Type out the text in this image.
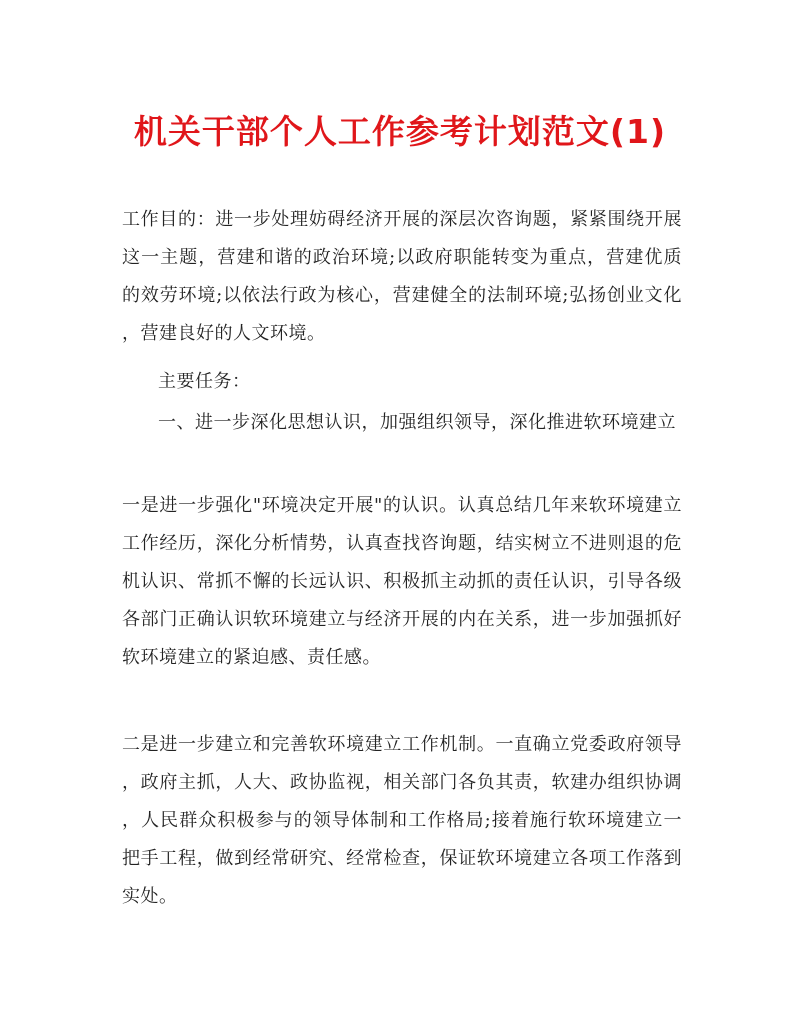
机关干部个人工作参考计划范文(1)
工作目的：进一步处理妨碍经济开展的深层次咨询题，紧紧围绕开展
这一主题，营建和谐的政治环境;以政府职能转变为重点，营建优质
的效劳环境;以依法行政为核心，营建健全的法制环境;弘扬创业文化
，营建良好的人文环境。
主要任务：
一、进一步深化思想认识，加强组织领导，深化推进软环境建立
一是进一步强化"环境决定开展"的认识。认真总结几年来软环境建立
工作经历，深化分析情势，认真查找咨询题，结实树立不进则退的危
机认识、常抓不懈的长远认识、积极抓主动抓的责任认识，引导各级
各部门正确认识软环境建立与经济开展的内在关系，进一步加强抓好
软环境建立的紧迫感、责任感。
二是进一步建立和完善软环境建立工作机制。一直确立党委政府领导
，政府主抓，人大、政协监视，相关部门各负其责，软建办组织协调
，人民群众积极参与的领导体制和工作格局;接着施行软环境建立一
把手工程，做到经常研究、经常检查，保证软环境建立各项工作落到
实处。
